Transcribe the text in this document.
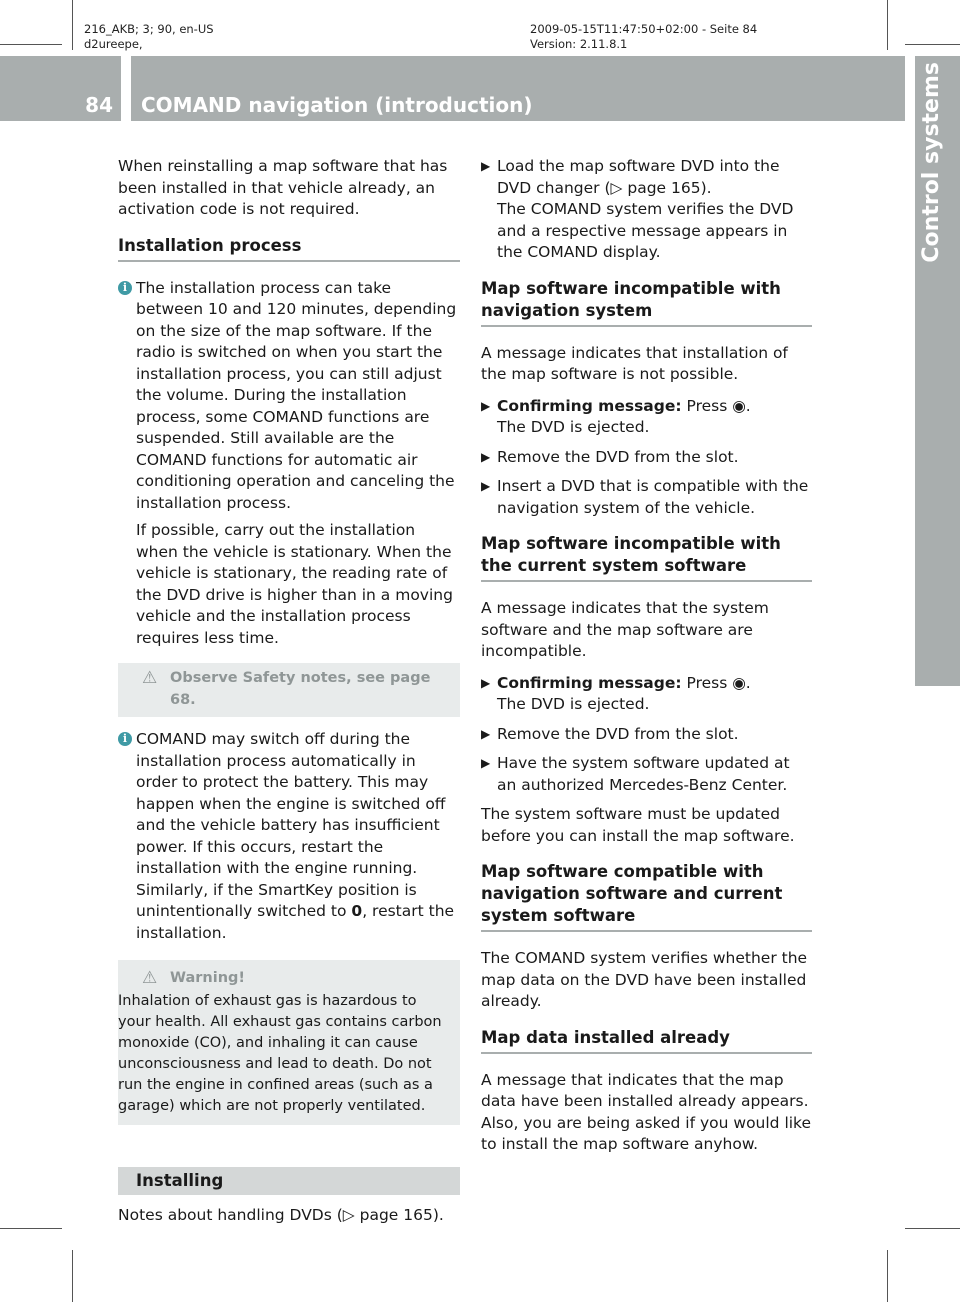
216_AKB; 3; 90, en-US
d2ureepe,
2009-05-15T11:47:50+02:00 - Seite 84
Version: 2.11.8.1
84 COMAND navigation (introduction)	Control systems

When reinstalling a map software that has been installed in that vehicle already, an activation code is not required.

Installation process
i The installation process can take between 10 and 120 minutes, depending on the size of the map software. If the radio is switched on when you start the installation process, you can still adjust the volume. During the installation process, some COMAND functions are suspended. Still available are the COMAND functions for automatic air conditioning operation and canceling the installation process.

If possible, carry out the installation when the vehicle is stationary. When the vehicle is stationary, the reading rate of the DVD drive is higher than in a moving vehicle and the installation process requires less time.

⚠ Observe Safety notes, see page 68.
i COMAND may switch off during the installation process automatically in order to protect the battery. This may happen when the engine is switched off and the vehicle battery has insufficient power. If this occurs, restart the installation with the engine running. Similarly, if the SmartKey position is unintentionally switched to 0, restart the installation.

⚠ Warning!
Inhalation of exhaust gas is hazardous to your health. All exhaust gas contains carbon monoxide (CO), and inhaling it can cause unconsciousness and lead to death. Do not run the engine in confined areas (such as a garage) which are not properly ventilated.
Installing

Notes about handling DVDs (▷ page 165).

▶ Load the map software DVD into the DVD changer (▷ page 165).
The COMAND system verifies the DVD and a respective message appears in the COMAND display.
Map software incompatible with navigation system

A message indicates that installation of the map software is not possible.

▶ Confirming message: Press ◉.
The DVD is ejected.
▶ Remove the DVD from the slot.
▶ Insert a DVD that is compatible with the navigation system of the vehicle.
Map software incompatible with the current system software

A message indicates that the system software and the map software are incompatible.

▶ Confirming message: Press ◉.
The DVD is ejected.
▶ Remove the DVD from the slot.
▶ Have the system software updated at an authorized Mercedes-Benz Center.

The system software must be updated before you can install the map software.

Map software compatible with navigation software and current system software

The COMAND system verifies whether the map data on the DVD have been installed already.

Map data installed already

A message that indicates that the map data have been installed already appears. Also, you are being asked if you would like to install the map software anyhow.
